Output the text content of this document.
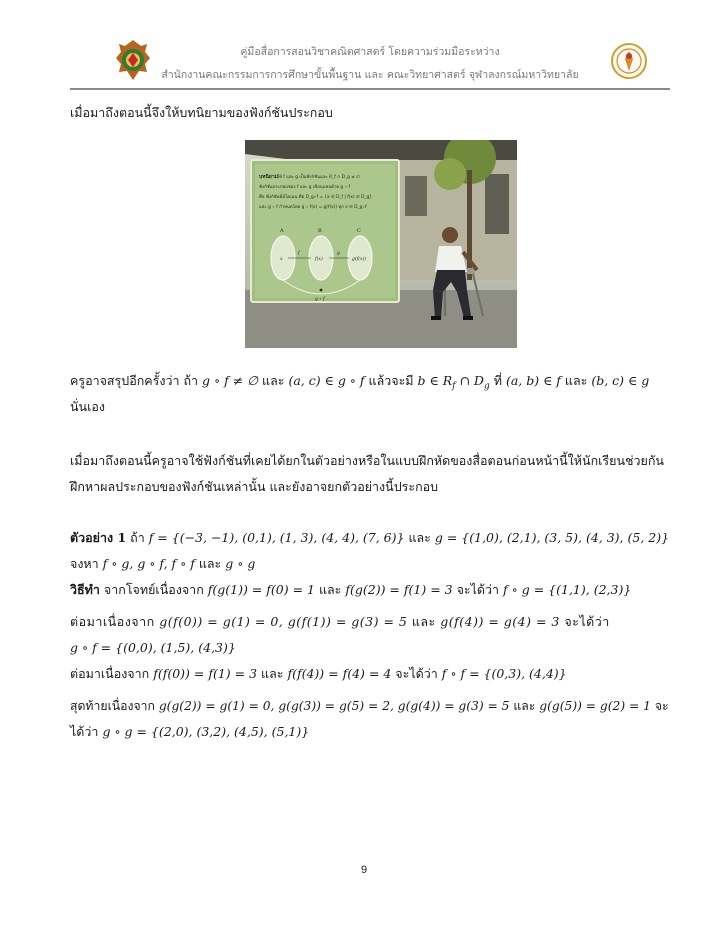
คู่มือสื่อการสอนวิชาคณิตศาสตร์ โดยความร่วมมือระหว่าง
สำนักงานคณะกรรมการการศึกษาขั้นพื้นฐาน และ คณะวิทยาศาสตร์ จุฬาลงกรณ์มหาวิทยาลัย
เมื่อมาถึงตอนนี้จึงให้บทนิยามของฟังก์ชันประกอบ
บทนิยาม ให้ f และ g เป็นฟังก์ชันและ R_f ∩ D_g ≠ ∅
ฟังก์ชันประกอบของ f และ g เขียนแทนด้วย g ∘ f
คือ ฟังก์ชันที่มีโดเมน คือ D_g∘f = {x ∈ D_f | f(x) ∈ D_g}
และ g ∘ f กำหนดโดย g ∘ f(x) = g(f(x)) ทุก x ∈ D_g∘f
A	B	C
x	f(x)	g(f(x))
f	g
g ∘ f
ครูอาจสรุปอีกครั้งว่า ถ้า g ∘ f ≠ ∅ และ (a, c) ∈ g ∘ f แล้วจะมี b ∈ $R_f$ ∩ $D_g$ ที่ (a, b) ∈ f และ (b, c) ∈ g
นั่นเอง
เมื่อมาถึงตอนนี้ครูอาจใช้ฟังก์ชันที่เคยได้ยกในตัวอย่างหรือในแบบฝึกหัดของสื่อตอนก่อนหน้านี้ให้นักเรียนช่วยกัน
ฝึกหาผลประกอบของฟังก์ชันเหล่านั้น และยังอาจยกตัวอย่างนี้ประกอบ
ตัวอย่าง 1 ถ้า f = {(−3, −1), (0,1), (1, 3), (4, 4), (7, 6)} และ g = {(1,0), (2,1), (3, 5), (4, 3), (5, 2)}
จงหา f ∘ g, g ∘ f, f ∘ f และ g ∘ g
วิธีทำ จากโจทย์เนื่องจาก f(g(1)) = f(0) = 1 และ f(g(2)) = f(1) = 3 จะได้ว่า f ∘ g = {(1,1), (2,3)}
ต่อมาเนื่องจาก g(f(0)) = g(1) = 0, g(f(1)) = g(3) = 5 และ g(f(4)) = g(4) = 3 จะได้ว่า
g ∘ f = {(0,0), (1,5), (4,3)}
ต่อมาเนื่องจาก f(f(0)) = f(1) = 3 และ f(f(4)) = f(4) = 4 จะได้ว่า f ∘ f = {(0,3), (4,4)}
สุดท้ายเนื่องจาก g(g(2)) = g(1) = 0, g(g(3)) = g(5) = 2, g(g(4)) = g(3) = 5 และ g(g(5)) = g(2) = 1 จะ
ได้ว่า g ∘ g = {(2,0), (3,2), (4,5), (5,1)}
9
